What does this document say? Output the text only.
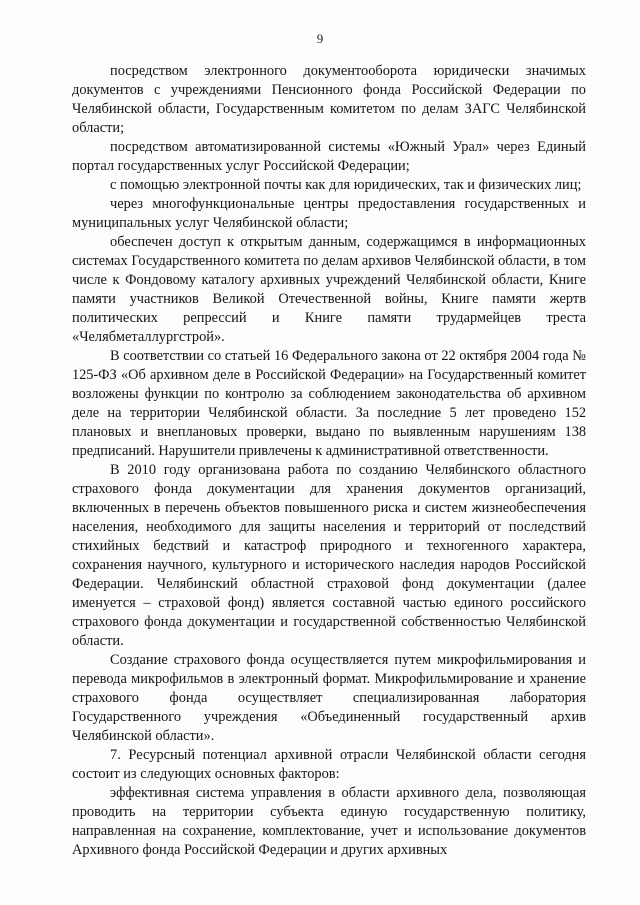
9

посредством электронного документооборота юридически значимых документов с учреждениями Пенсионного фонда Российской Федерации по Челябинской области, Государственным комитетом по делам ЗАГС Челябинской области;

посредством автоматизированной системы «Южный Урал» через Единый портал государственных услуг Российской Федерации;

с помощью электронной почты как для юридических, так и физических лиц;

через многофункциональные центры предоставления государственных и муниципальных услуг Челябинской области;

обеспечен доступ к открытым данным, содержащимся в информационных системах Государственного комитета по делам архивов Челябинской области, в том числе к Фондовому каталогу архивных учреждений Челябинской области, Книге памяти участников Великой Отечественной войны, Книге памяти жертв политических репрессий и Книге памяти трудармейцев треста «Челябметаллургстрой».

В соответствии со статьей 16 Федерального закона от 22 октября 2004 года № 125-ФЗ «Об архивном деле в Российской Федерации» на Государственный комитет возложены функции по контролю за соблюдением законодательства об архивном деле на территории Челябинской области. За последние 5 лет проведено 152 плановых и внеплановых проверки, выдано по выявленным нарушениям 138 предписаний. Нарушители привлечены к административной ответственности.

В 2010 году организована работа по созданию Челябинского областного страхового фонда документации для хранения документов организаций, включенных в перечень объектов повышенного риска и систем жизнеобеспечения населения, необходимого для защиты населения и территорий от последствий стихийных бедствий и катастроф природного и техногенного характера, сохранения научного, культурного и исторического наследия народов Российской Федерации. Челябинский областной страховой фонд документации (далее именуется – страховой фонд) является составной частью единого российского страхового фонда документации и государственной собственностью Челябинской области.

Создание страхового фонда осуществляется путем микрофильмирования и перевода микрофильмов в электронный формат. Микрофильмирование и хранение страхового фонда осуществляет специализированная лаборатория Государственного учреждения «Объединенный государственный архив Челябинской области».

7. Ресурсный потенциал архивной отрасли Челябинской области сегодня состоит из следующих основных факторов:

эффективная система управления в области архивного дела, позволяющая проводить на территории субъекта единую государственную политику, направленная на сохранение, комплектование, учет и использование документов Архивного фонда Российской Федерации и других архивных
